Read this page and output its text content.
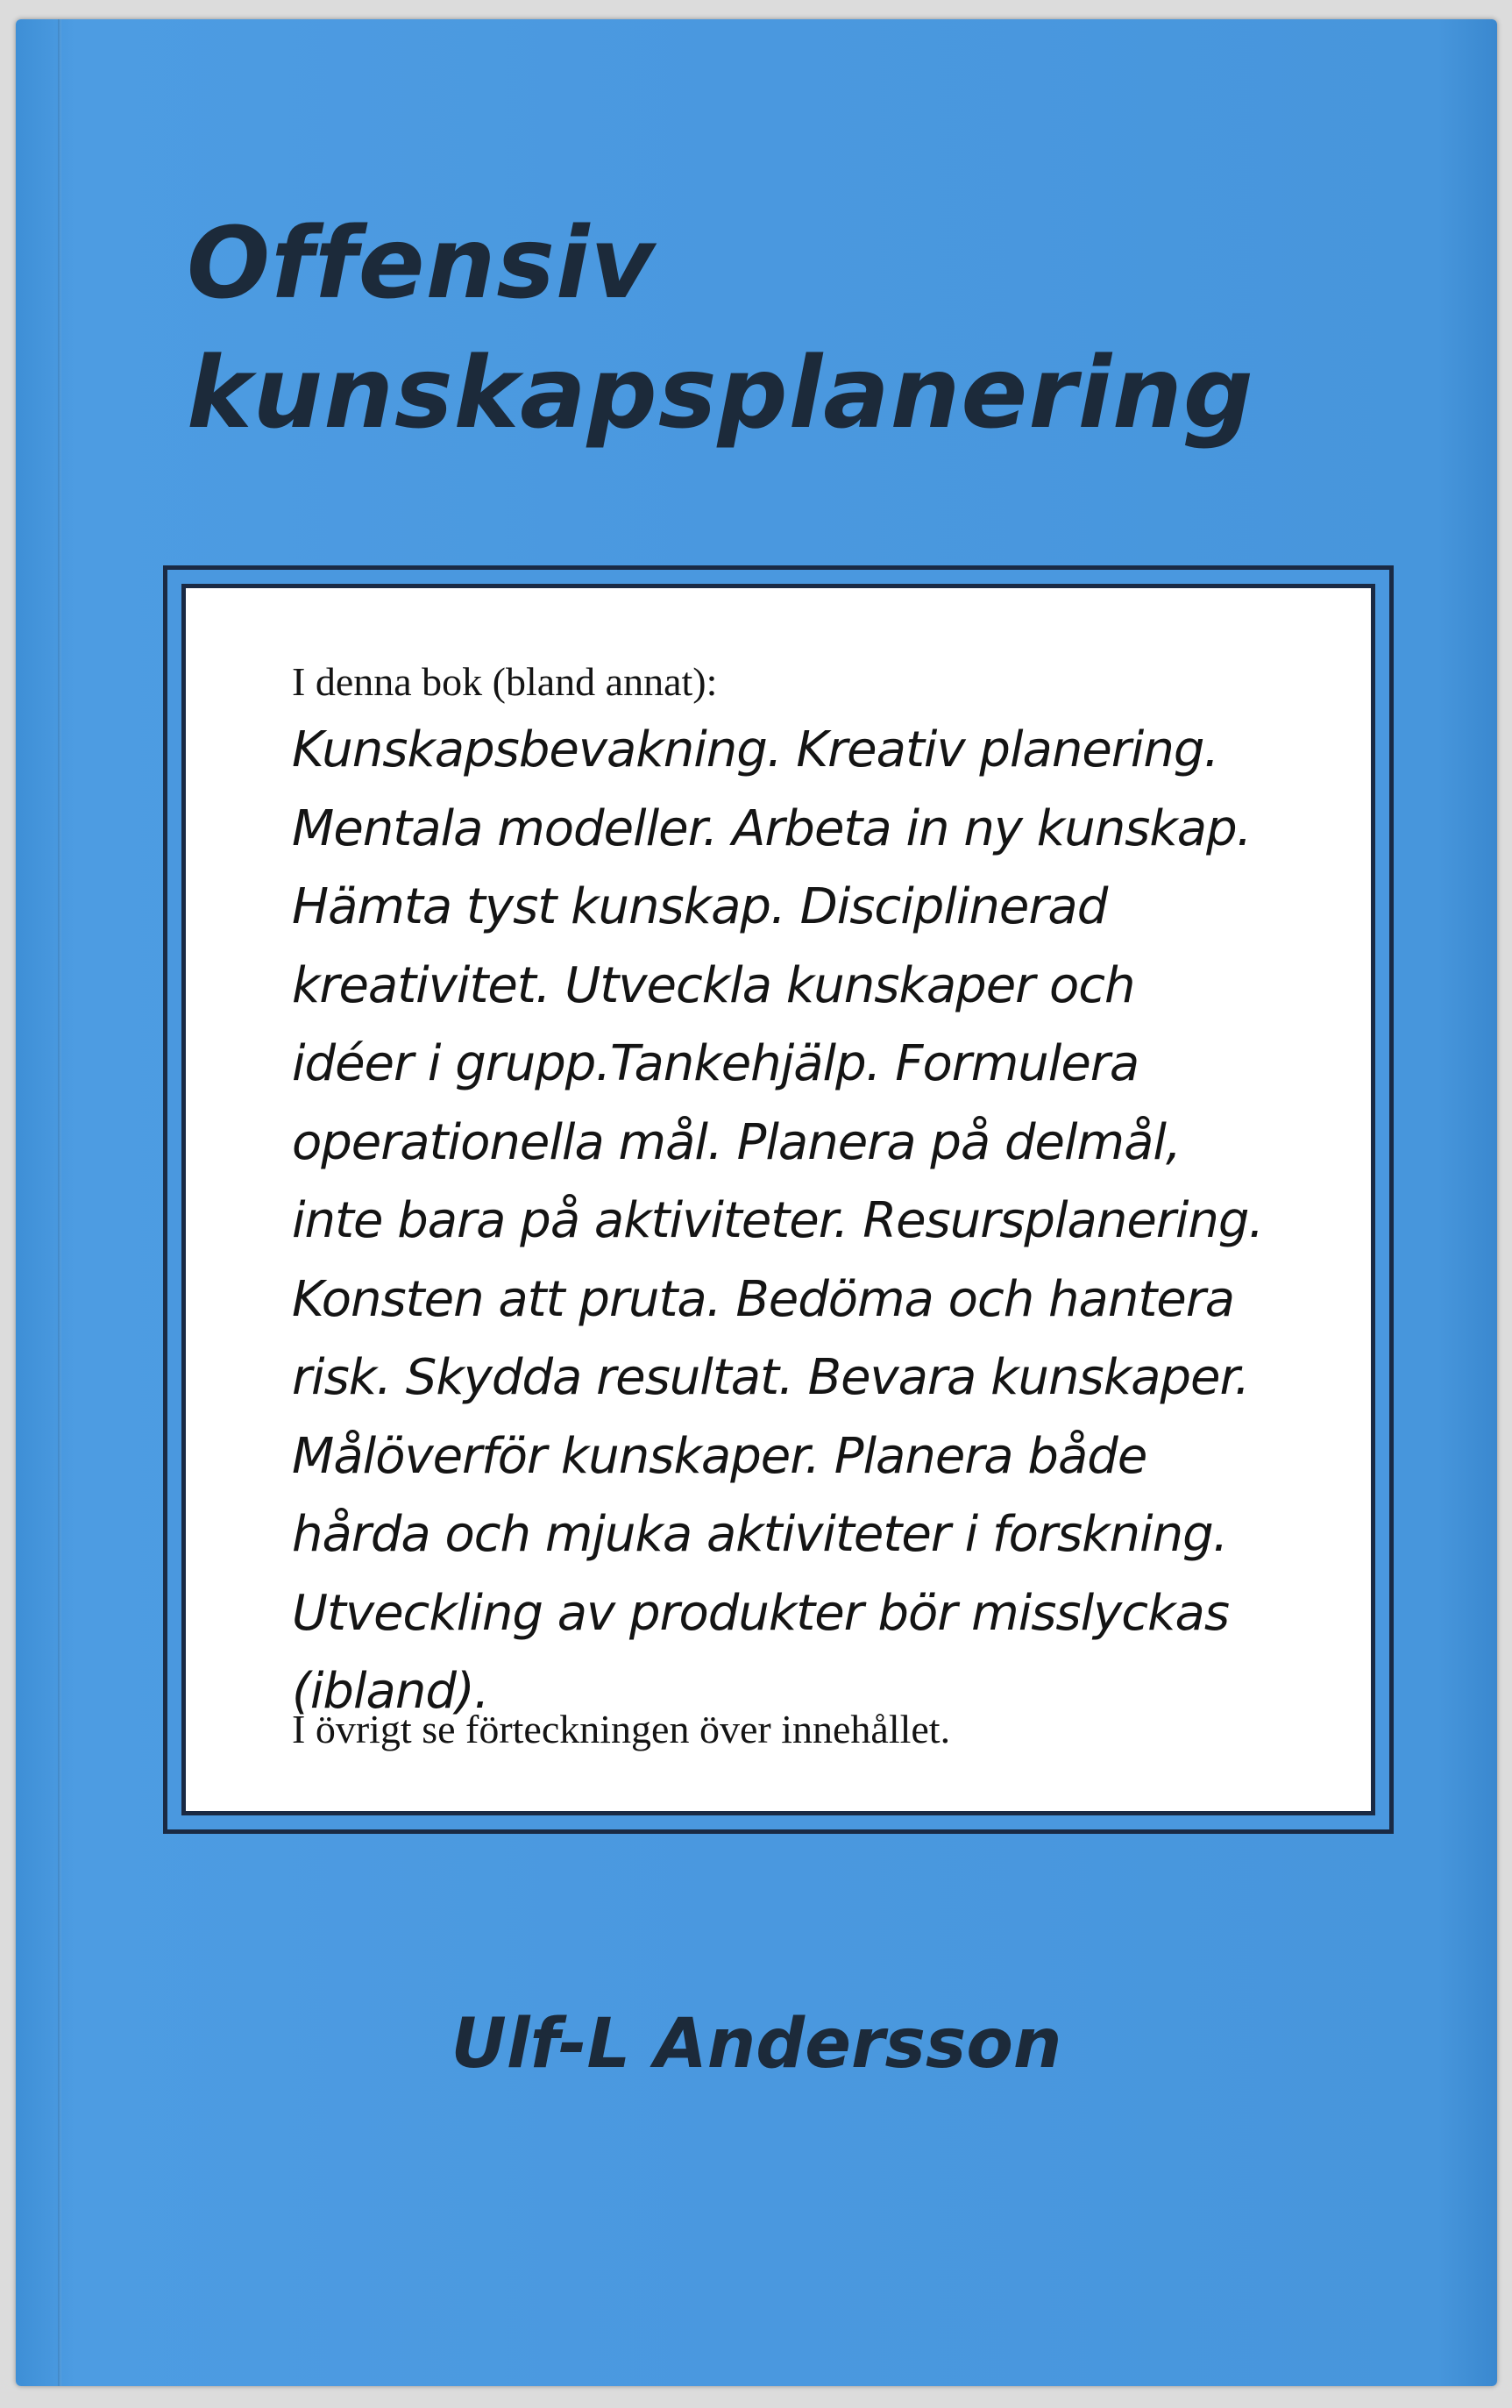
Offensiv
kunskapsplanering

I denna bok (bland annat):

Kunskapsbevakning. Kreativ planering.
Mentala modeller. Arbeta in ny kunskap.
Hämta tyst kunskap. Disciplinerad
kreativitet. Utveckla kunskaper och
idéer i grupp.Tankehjälp. Formulera
operationella mål. Planera på delmål,
inte bara på aktiviteter. Resursplanering.
Konsten att pruta. Bedöma och hantera
risk. Skydda resultat. Bevara kunskaper.
Målöverför kunskaper. Planera både
hårda och mjuka aktiviteter i forskning.
Utveckling av produkter bör misslyckas
(ibland).

I övrigt se förteckningen över innehållet.

Ulf-L Andersson
